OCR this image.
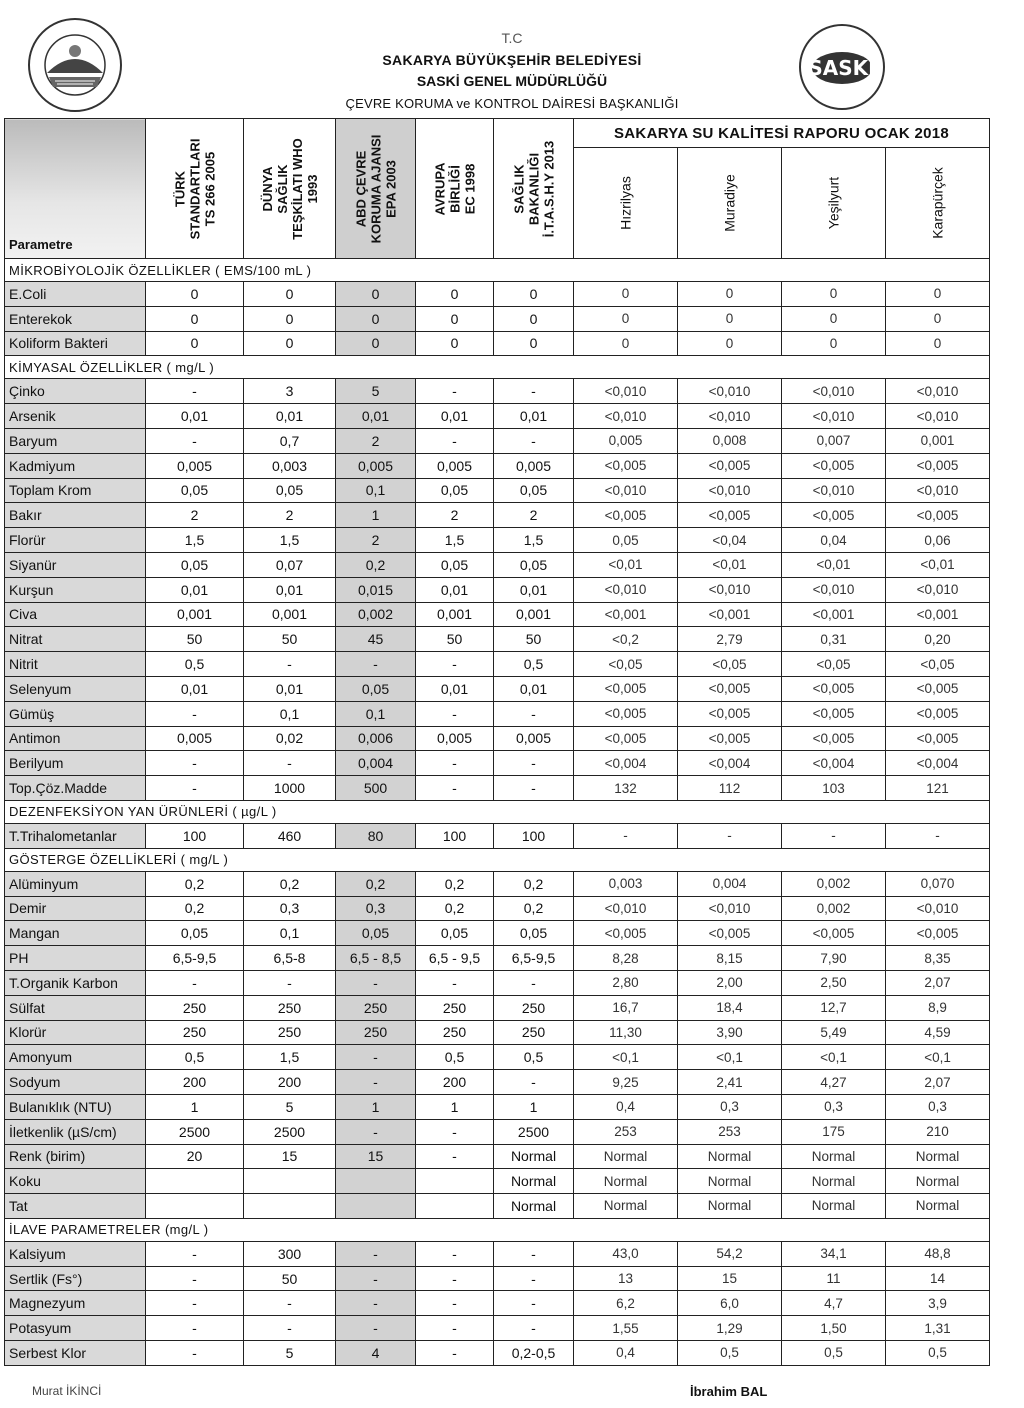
T.C
SAKARYA BÜYÜKŞEHİR BELEDİYESİ
SASKİ GENEL MÜDÜRLÜĞÜ
ÇEVRE KORUMA ve KONTROL DAİRESİ BAŞKANLIĞI
SASKİ
Parametre	TÜRK STANDARTLARI TS 266 2005	DÜNYA SAĞLIK TEŞKİLATI WHO 1993	ABD ÇEVRE KORUMA AJANSI EPA 2003	AVRUPA BİRLİĞİ EC 1998	SAĞLIK BAKANLIĞI İ.T.A.S.H.Y 2013	SAKARYA SU KALİTESİ RAPORU OCAK 2018			

						Hızrilyas	Muradiye	Yeşilyurt	Karapürçek

MİKROBİYOLOJİK ÖZELLİKLER ( EMS/100 mL )									
E.Coli	0	0	0	0	0	0	0	0	0
Enterekok	0	0	0	0	0	0	0	0	0
Koliform Bakteri	0	0	0	0	0	0	0	0	0
KİMYASAL ÖZELLİKLER ( mg/L )									
Çinko	-	3	5	-	-	<0,010	<0,010	<0,010	<0,010
Arsenik	0,01	0,01	0,01	0,01	0,01	<0,010	<0,010	<0,010	<0,010
Baryum	-	0,7	2	-	-	0,005	0,008	0,007	0,001
Kadmiyum	0,005	0,003	0,005	0,005	0,005	<0,005	<0,005	<0,005	<0,005
Toplam Krom	0,05	0,05	0,1	0,05	0,05	<0,010	<0,010	<0,010	<0,010
Bakır	2	2	1	2	2	<0,005	<0,005	<0,005	<0,005
Florür	1,5	1,5	2	1,5	1,5	0,05	<0,04	0,04	0,06
Siyanür	0,05	0,07	0,2	0,05	0,05	<0,01	<0,01	<0,01	<0,01
Kurşun	0,01	0,01	0,015	0,01	0,01	<0,010	<0,010	<0,010	<0,010
Civa	0,001	0,001	0,002	0,001	0,001	<0,001	<0,001	<0,001	<0,001
Nitrat	50	50	45	50	50	<0,2	2,79	0,31	0,20
Nitrit	0,5	-	-	-	0,5	<0,05	<0,05	<0,05	<0,05
Selenyum	0,01	0,01	0,05	0,01	0,01	<0,005	<0,005	<0,005	<0,005
Gümüş	-	0,1	0,1	-	-	<0,005	<0,005	<0,005	<0,005
Antimon	0,005	0,02	0,006	0,005	0,005	<0,005	<0,005	<0,005	<0,005
Berilyum	-	-	0,004	-	-	<0,004	<0,004	<0,004	<0,004
Top.Çöz.Madde	-	1000	500	-	-	132	112	103	121
DEZENFEKSİYON YAN ÜRÜNLERİ ( µg/L )									
T.Trihalometanlar	100	460	80	100	100	-	-	-	-
GÖSTERGE ÖZELLİKLERİ ( mg/L )									
Alüminyum	0,2	0,2	0,2	0,2	0,2	0,003	0,004	0,002	0,070
Demir	0,2	0,3	0,3	0,2	0,2	<0,010	<0,010	0,002	<0,010
Mangan	0,05	0,1	0,05	0,05	0,05	<0,005	<0,005	<0,005	<0,005
PH	6,5-9,5	6,5-8	6,5 - 8,5	6,5 - 9,5	6,5-9,5	8,28	8,15	7,90	8,35
T.Organik Karbon	-	-	-	-	-	2,80	2,00	2,50	2,07
Sülfat	250	250	250	250	250	16,7	18,4	12,7	8,9
Klorür	250	250	250	250	250	11,30	3,90	5,49	4,59
Amonyum	0,5	1,5	-	0,5	0,5	<0,1	<0,1	<0,1	<0,1
Sodyum	200	200	-	200	-	9,25	2,41	4,27	2,07
Bulanıklık (NTU)	1	5	1	1	1	0,4	0,3	0,3	0,3
İletkenlik (µS/cm)	2500	2500	-	-	2500	253	253	175	210
Renk (birim)	20	15	15	-	Normal	Normal	Normal	Normal	Normal
Koku					Normal	Normal	Normal	Normal	Normal
Tat					Normal	Normal	Normal	Normal	Normal
İLAVE PARAMETRELER (mg/L )									
Kalsiyum	-	300	-	-	-	43,0	54,2	34,1	48,8
Sertlik (Fs°)	-	50	-	-	-	13	15	11	14
Magnezyum	-	-	-	-	-	6,2	6,0	4,7	3,9
Potasyum	-	-	-	-	-	1,55	1,29	1,50	1,31
Serbest Klor	-	5	4	-	0,2-0,5	0,4	0,5	0,5	0,5
Murat İKİNCİ	İbrahim BAL
